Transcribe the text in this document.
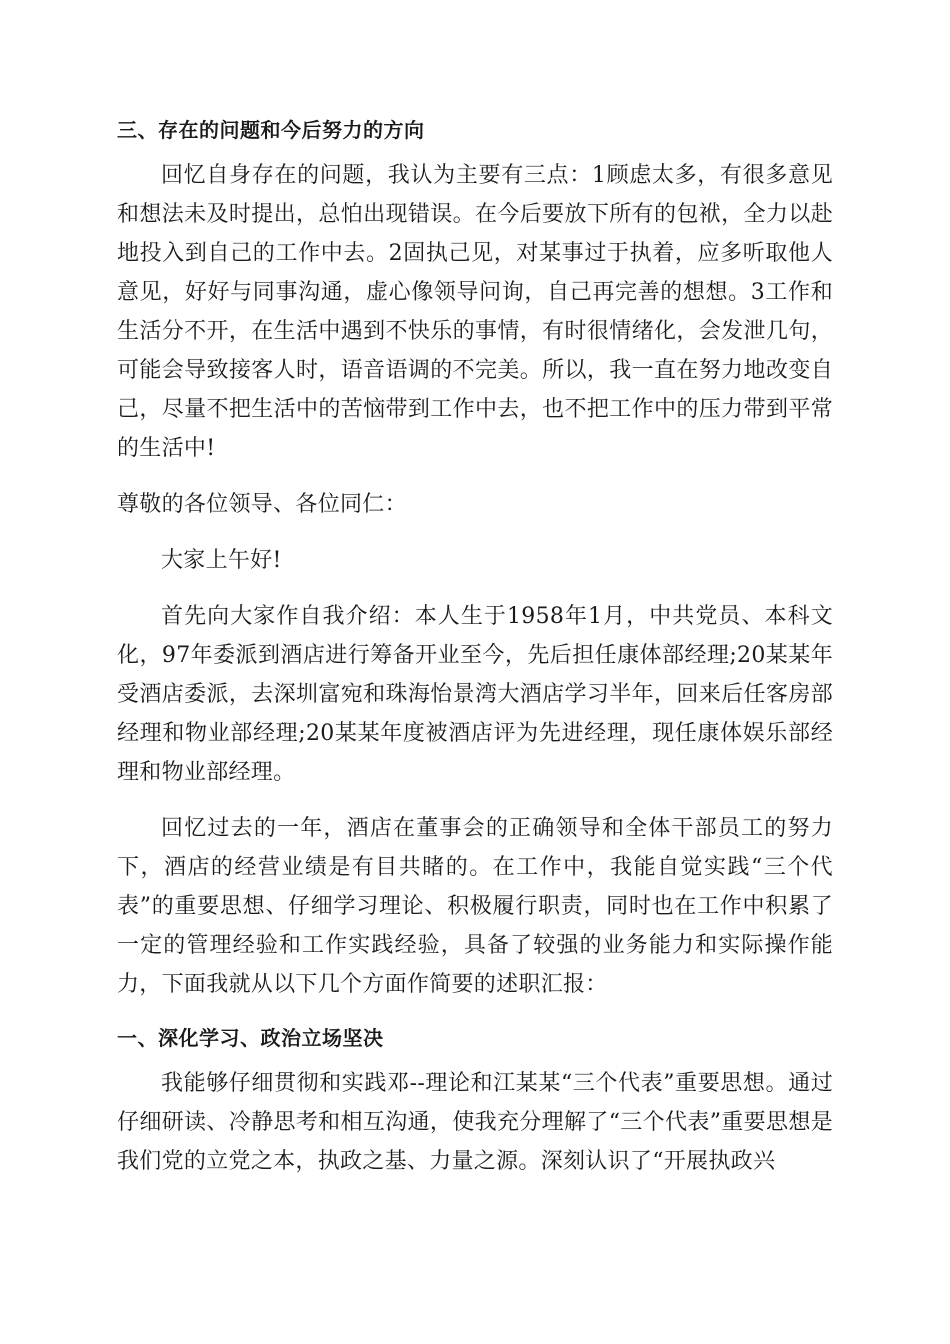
三、存在的问题和今后努力的方向

回忆自身存在的问题，我认为主要有三点：1顾虑太多，有很多意见和想法未及时提出，总怕出现错误。在今后要放下所有的包袱，全力以赴地投入到自己的工作中去。2固执己见，对某事过于执着，应多听取他人意见，好好与同事沟通，虚心像领导问询，自己再完善的想想。3工作和生活分不开，在生活中遇到不快乐的事情，有时很情绪化，会发泄几句，可能会导致接客人时，语音语调的不完美。所以，我一直在努力地改变自己，尽量不把生活中的苦恼带到工作中去，也不把工作中的压力带到平常的生活中!

尊敬的各位领导、各位同仁：

大家上午好!

首先向大家作自我介绍：本人生于1958年1月，中共党员、本科文化，97年委派到酒店进行筹备开业至今，先后担任康体部经理;20某某年受酒店委派，去深圳富宛和珠海怡景湾大酒店学习半年，回来后任客房部经理和物业部经理;20某某年度被酒店评为先进经理，现任康体娱乐部经理和物业部经理。

回忆过去的一年，酒店在董事会的正确领导和全体干部员工的努力下，酒店的经营业绩是有目共睹的。在工作中，我能自觉实践“三个代表”的重要思想、仔细学习理论、积极履行职责，同时也在工作中积累了一定的管理经验和工作实践经验，具备了较强的业务能力和实际操作能力，下面我就从以下几个方面作简要的述职汇报：

一、深化学习、政治立场坚决

我能够仔细贯彻和实践邓--理论和江某某“三个代表”重要思想。通过仔细研读、冷静思考和相互沟通，使我充分理解了“三个代表”重要思想是我们党的立党之本，执政之基、力量之源。深刻认识了“开展执政兴
